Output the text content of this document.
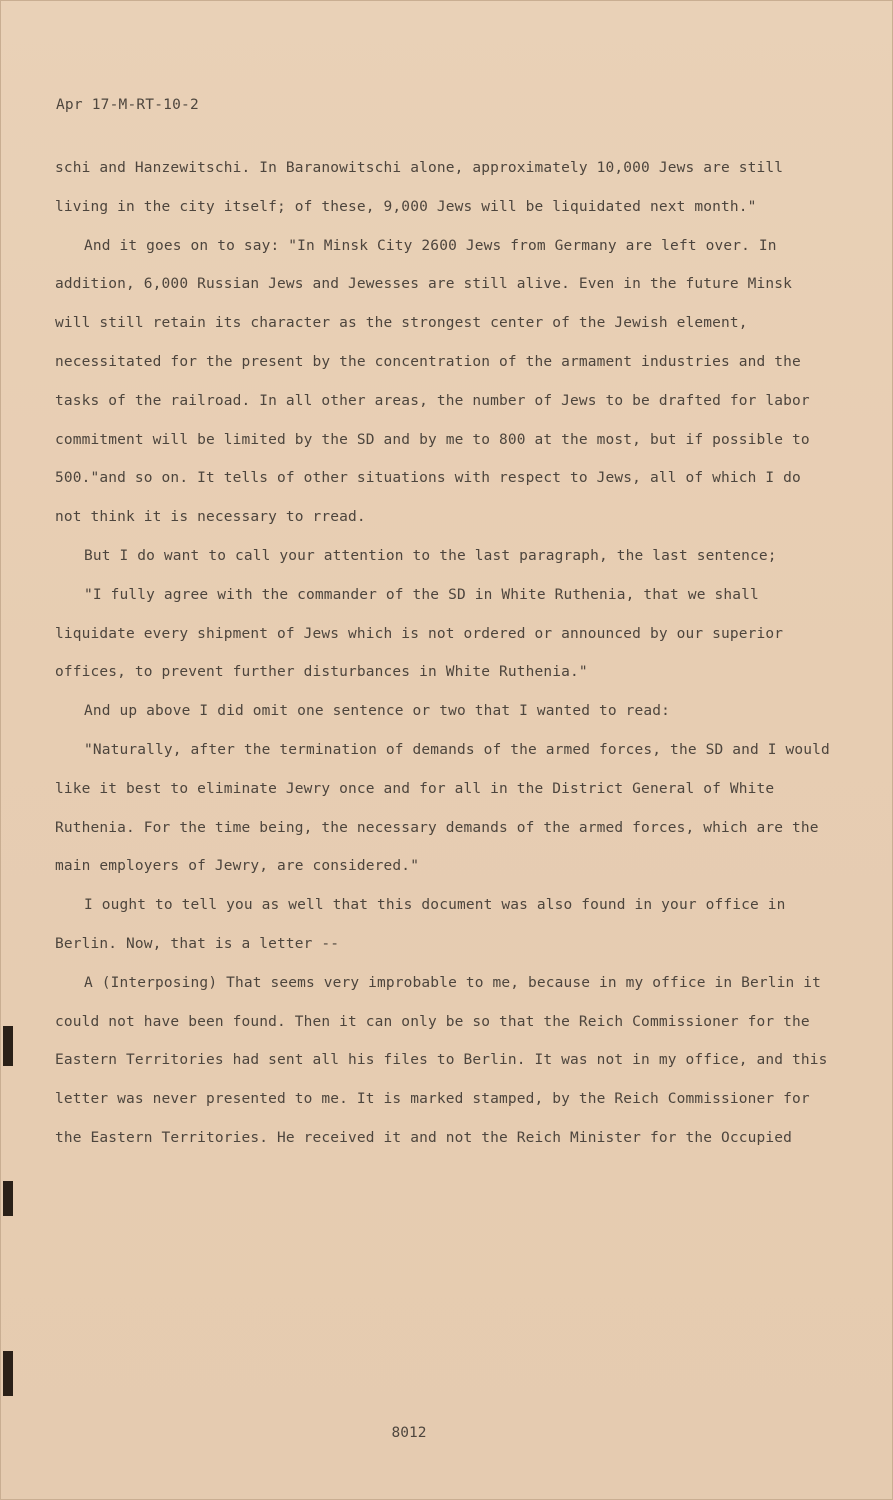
Apr 17-M-RT-10-2

schi and Hanzewitschi. In Baranowitschi alone, approximately 10,000 Jews are still living in the city itself; of these, 9,000 Jews will be liquidated next month."

And it goes on to say: "In Minsk City 2600 Jews from Germany are left over. In addition, 6,000 Russian Jews and Jewesses are still alive. Even in the future Minsk will still retain its character as the strongest center of the Jewish element, necessitated for the present by the concentration of the armament industries and the tasks of the railroad. In all other areas, the number of Jews to be drafted for labor commitment will be limited by the SD and by me to 800 at the most, but if possible to 500."and so on. It tells of other situations with respect to Jews, all of which I do not think it is necessary to rread.

But I do want to call your attention to the last paragraph, the last sentence;

"I fully agree with the commander of the SD in White Ruthenia, that we shall liquidate every shipment of Jews which is not ordered or announced by our superior offices, to prevent further disturbances in White Ruthenia."

And up above I did omit one sentence or two that I wanted to read:

"Naturally, after the termination of demands of the armed forces, the SD and I would like it best to eliminate Jewry once and for all in the District General of White Ruthenia. For the time being, the necessary demands of the armed forces, which are the main employers of Jewry, are considered."

I ought to tell you as well that this document was also found in your office in Berlin. Now, that is a letter --

A (Interposing) That seems very improbable to me, because in my office in Berlin it could not have been found. Then it can only be so that the Reich Commissioner for the Eastern Territories had sent all his files to Berlin. It was not in my office, and this letter was never presented to me. It is marked stamped, by the Reich Commissioner for the Eastern Territories. He received it and not the Reich Minister for the Occupied

8012
